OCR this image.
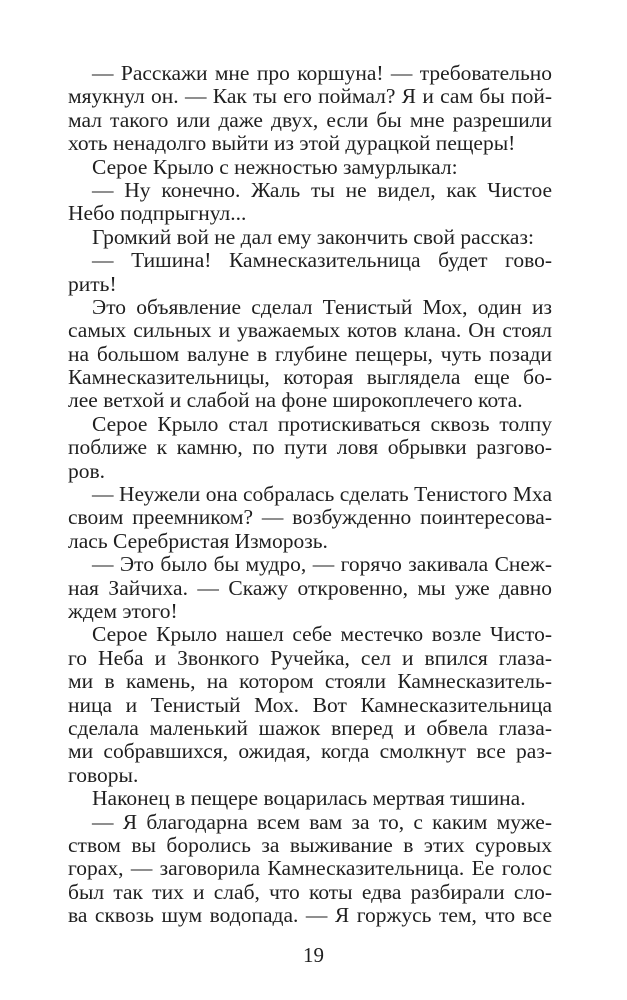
— Расскажи мне про коршуна! — требовательно
мяукнул он. — Как ты его поймал? Я и сам бы пой-
мал такого или даже двух, если бы мне разрешили
хоть ненадолго выйти из этой дурацкой пещеры!
Серое Крыло с нежностью замурлыкал:
— Ну конечно. Жаль ты не видел, как Чистое
Небо подпрыгнул...
Громкий вой не дал ему закончить свой рассказ:
— Тишина! Камнесказительница будет гово-
рить!
Это объявление сделал Тенистый Мох, один из
самых сильных и уважаемых котов клана. Он стоял
на большом валуне в глубине пещеры, чуть позади
Камнесказительницы, которая выглядела еще бо-
лее ветхой и слабой на фоне широкоплечего кота.
Серое Крыло стал протискиваться сквозь толпу
поближе к камню, по пути ловя обрывки разгово-
ров.
— Неужели она собралась сделать Тенистого Мха
своим преемником? — возбужденно поинтересова-
лась Серебристая Изморозь.
— Это было бы мудро, — горячо закивала Снеж-
ная Зайчиха. — Скажу откровенно, мы уже давно
ждем этого!
Серое Крыло нашел себе местечко возле Чисто-
го Неба и Звонкого Ручейка, сел и впился глаза-
ми в камень, на котором стояли Камнесказитель-
ница и Тенистый Мох. Вот Камнесказительница
сделала маленький шажок вперед и обвела глаза-
ми собравшихся, ожидая, когда смолкнут все раз-
говоры.
Наконец в пещере воцарилась мертвая тишина.
— Я благодарна всем вам за то, с каким муже-
ством вы боролись за выживание в этих суровых
горах, — заговорила Камнесказительница. Ее голос
был так тих и слаб, что коты едва разбирали сло-
ва сквозь шум водопада. — Я горжусь тем, что все
19
